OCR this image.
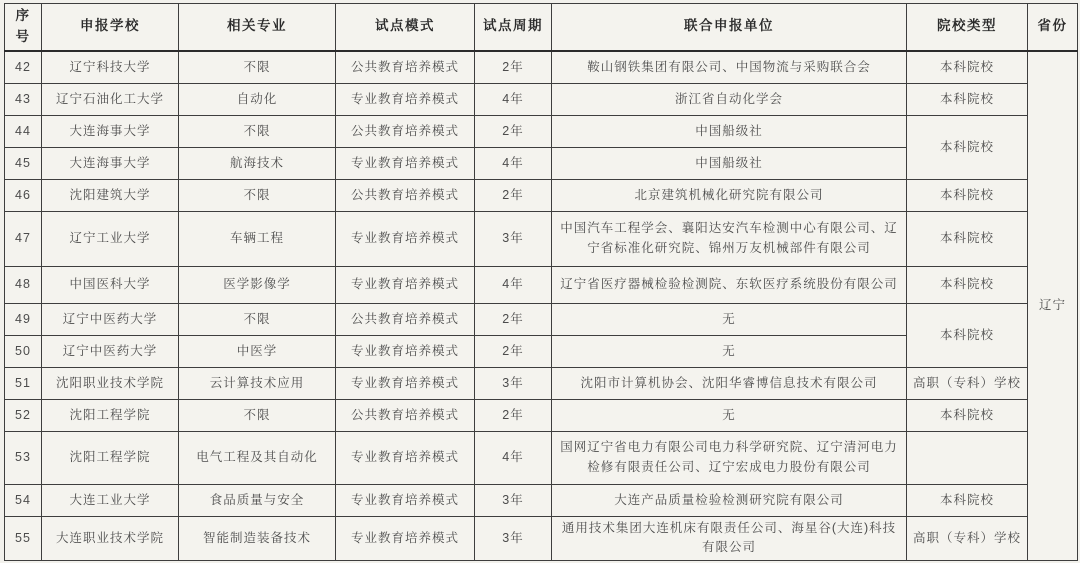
序号	申报学校	相关专业	试点模式	试点周期	联合申报单位	院校类型	省份
42	辽宁科技大学	不限	公共教育培养模式	2年	鞍山钢铁集团有限公司、中国物流与采购联合会	本科院校	辽宁
43	辽宁石油化工大学	自动化	专业教育培养模式	4年	浙江省自动化学会	本科院校	
44	大连海事大学	不限	公共教育培养模式	2年	中国船级社	本科院校	
45	大连海事大学	航海技术	专业教育培养模式	4年	中国船级社		
46	沈阳建筑大学	不限	公共教育培养模式	2年	北京建筑机械化研究院有限公司	本科院校	
47	辽宁工业大学	车辆工程	专业教育培养模式	3年	中国汽车工程学会、襄阳达安汽车检测中心有限公司、辽宁省标准化研究院、锦州万友机械部件有限公司	本科院校	
48	中国医科大学	医学影像学	专业教育培养模式	4年	辽宁省医疗器械检验检测院、东软医疗系统股份有限公司	本科院校	
49	辽宁中医药大学	不限	公共教育培养模式	2年	无	本科院校	
50	辽宁中医药大学	中医学	专业教育培养模式	2年	无		
51	沈阳职业技术学院	云计算技术应用	专业教育培养模式	3年	沈阳市计算机协会、沈阳华睿博信息技术有限公司	高职（专科）学校	
52	沈阳工程学院	不限	公共教育培养模式	2年	无	本科院校	
53	沈阳工程学院	电气工程及其自动化	专业教育培养模式	4年	国网辽宁省电力有限公司电力科学研究院、辽宁清河电力检修有限责任公司、辽宁宏成电力股份有限公司		
54	大连工业大学	食品质量与安全	专业教育培养模式	3年	大连产品质量检验检测研究院有限公司	本科院校	
55	大连职业技术学院	智能制造装备技术	专业教育培养模式	3年	通用技术集团大连机床有限责任公司、海星谷(大连)科技有限公司	高职（专科）学校	
